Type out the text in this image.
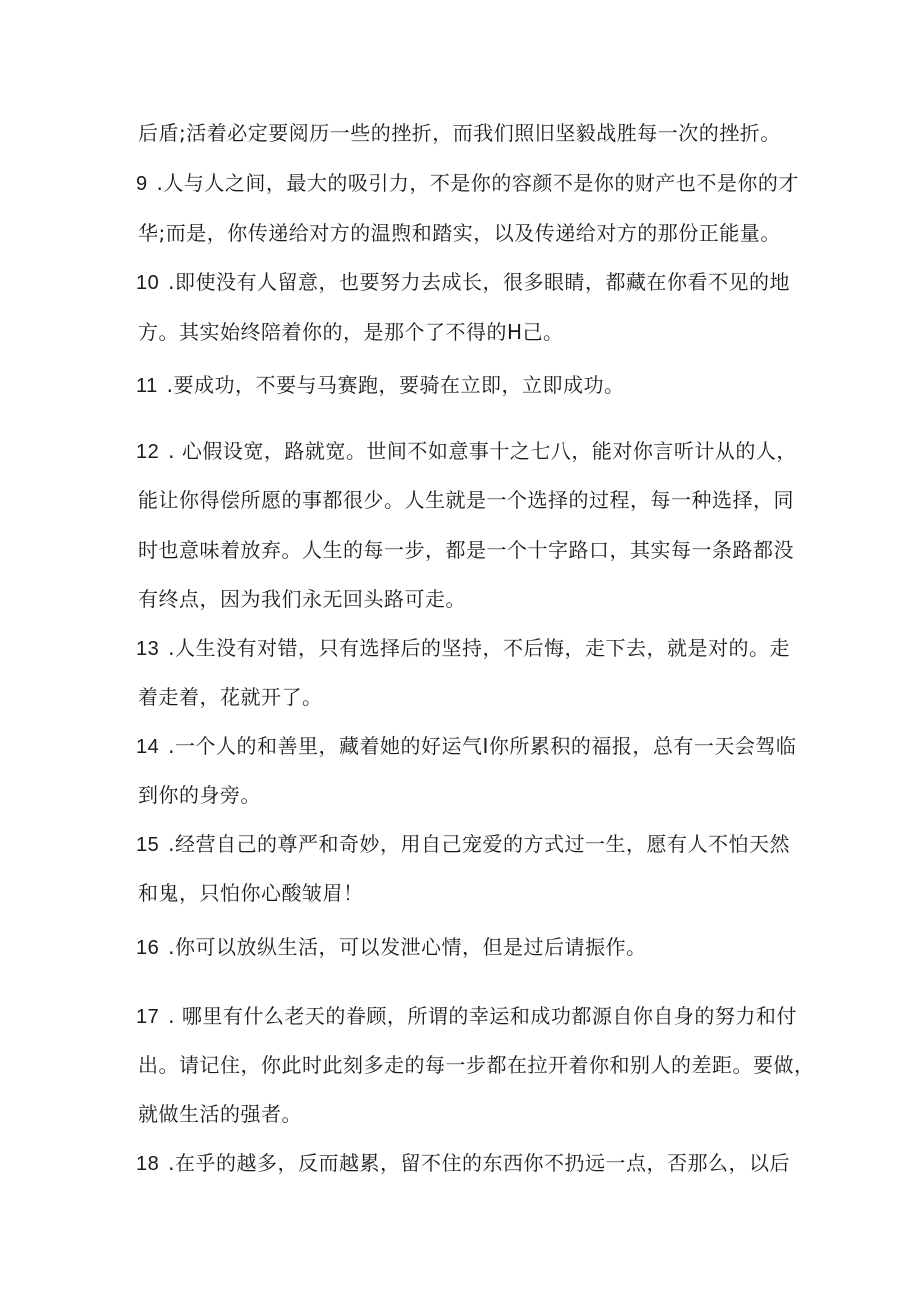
后盾;活着必定要阅历一些的挫折，而我们照旧坚毅战胜每一次的挫折。

9 .人与人之间，最大的吸引力，不是你的容颜不是你的财产也不是你的才

华;而是，你传递给对方的温煦和踏实，以及传递给对方的那份正能量。

10 .即使没有人留意，也要努力去成长，很多眼睛，都藏在你看不见的地

方。其实始终陪着你的，是那个了不得的H己。

11 .要成功，不要与马赛跑，要骑在立即，立即成功。

12 . 心假设宽，路就宽。世间不如意事十之七八，能对你言听计从的人，

能让你得偿所愿的事都很少。人生就是一个选择的过程，每一种选择，同

时也意味着放弃。人生的每一步，都是一个十字路口，其实每一条路都没

有终点，因为我们永无回头路可走。

13 .人生没有对错，只有选择后的坚持，不后悔，走下去，就是对的。走

着走着，花就开了。

14 .一个人的和善里，藏着她的好运气I你所累积的福报，总有一天会驾临

到你的身旁。

15 .经营自己的尊严和奇妙，用自己宠爱的方式过一生，愿有人不怕天然

和鬼，只怕你心酸皱眉！

16 .你可以放纵生活，可以发泄心情，但是过后请振作。

17 . 哪里有什么老天的眷顾，所谓的幸运和成功都源自你自身的努力和付

出。请记住，你此时此刻多走的每一步都在拉开着你和别人的差距。要做，

就做生活的强者。

18 .在乎的越多，反而越累，留不住的东西你不扔远一点，否那么，以后
